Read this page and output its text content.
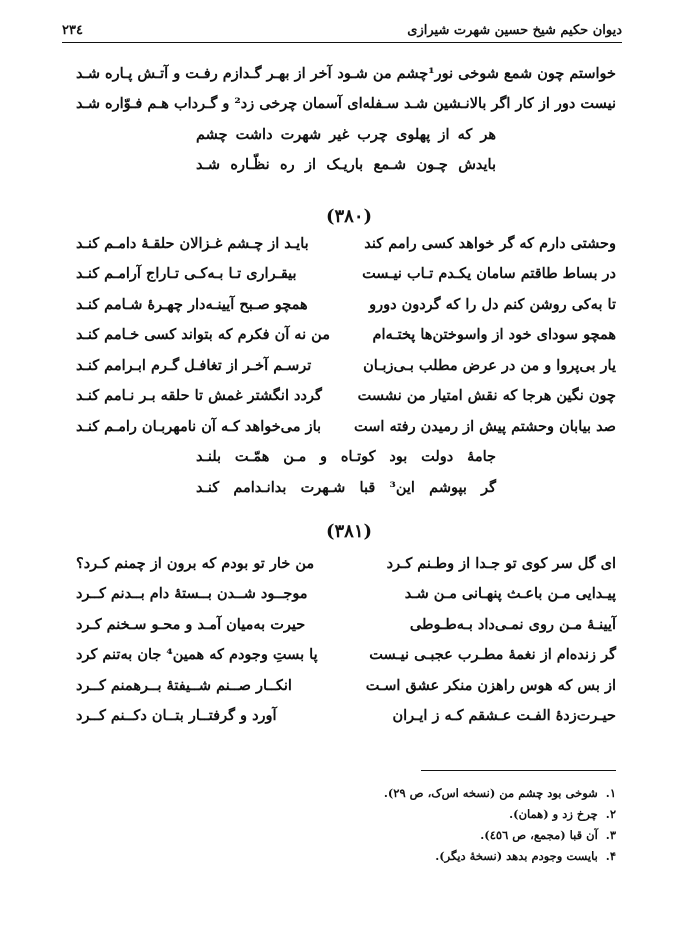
دیوان حکیم شیخ حسین شهرت شیرازی
۲۳٤
خواستم چون شمع شوخی نور¹چشم من شـود
آخر از بهـر گـدازم رفـت و آتـش پـاره شـد
نیست دور از کار اگر بالانـشین شـد سـفله‌ای
آسمان چرخی زد² و گـرداب هـم فـوّاره شـد
هر که از پهلوی چرب غیر شهرت داشت چشم
بایدش چـون شـمع باریـک از ره نظّـاره شـد
(۳۸۰)
وحشتی دارم که گر خواهد کسی رامم کند
بایـد از چـشم غـزالان حلقـهٔ دامـم کنـد
در بساط طاقتم سامان یکـدم تـاب نیـست
بیقـراری تـا بـه‌کـی تـاراج آرامـم کنـد
تا به‌کی روشن کنم دل را که گردون دورو
همچو صـبح آیینـه‌دار چهـرهٔ شـامم کنـد
همچو سودای خود از واسوختن‌ها پختـه‌ام
من نه آن فکرم که بتواند کسی خـامم کنـد
یار بی‌پروا و من در عرض مطلب بـی‌زبـان
ترسـم آخـر از تغافـل گـرم ابـرامم کنـد
چون نگین هرجا که نقش امتیار من نشست
گردد انگشتر غمش تا حلقه بـر نـامم کنـد
صد بیابان وحشتم پیش از رمیدن رفته است
باز می‌خواهد کـه آن نامهربـان رامـم کنـد
جامهٔ دولت بود کوتـاه و مـن همّـت بلنـد
گر بپوشم این³ قبا شـهرت بدانـدامم کنـد
(۳۸۱)
ای گل سر کوی تو جـدا از وطـنم کـرد
من خار تو بودم که برون از چمنم کـرد؟
پیـدایی مـن باعـث پنهـانی مـن شـد
موجــود شــدن بــستهٔ دام بــدنم کــرد
آیینـهٔ مـن روی نمـی‌داد بـه‌طـوطی
حیرت به‌میان آمـد و محـو سـخنم کـرد
گر زنده‌ام از نغمهٔ مطـرب عجبـی نیـست
پا بستِ وجودم که همین⁴ جان به‌تنم کرد
از بس که هوس راهزن منکر عشق اسـت
انکــار صــنم شــیفتهٔ بــرهمنم کــرد
حیـرت‌زدهٔ الفـت عـشقم کـه ز ایـران
آورد و گرفتــار بتــان دکــنم کــرد
۱.
شوخی بود چشم من (نسخه اس‌ک، ص ۲۹).
۲.
چرخ زد و (همان).
۳.
آن قبا (مجمع، ص ٤٥٦).
۴.
بایست وجودم بدهد (نسخهٔ دیگر).
